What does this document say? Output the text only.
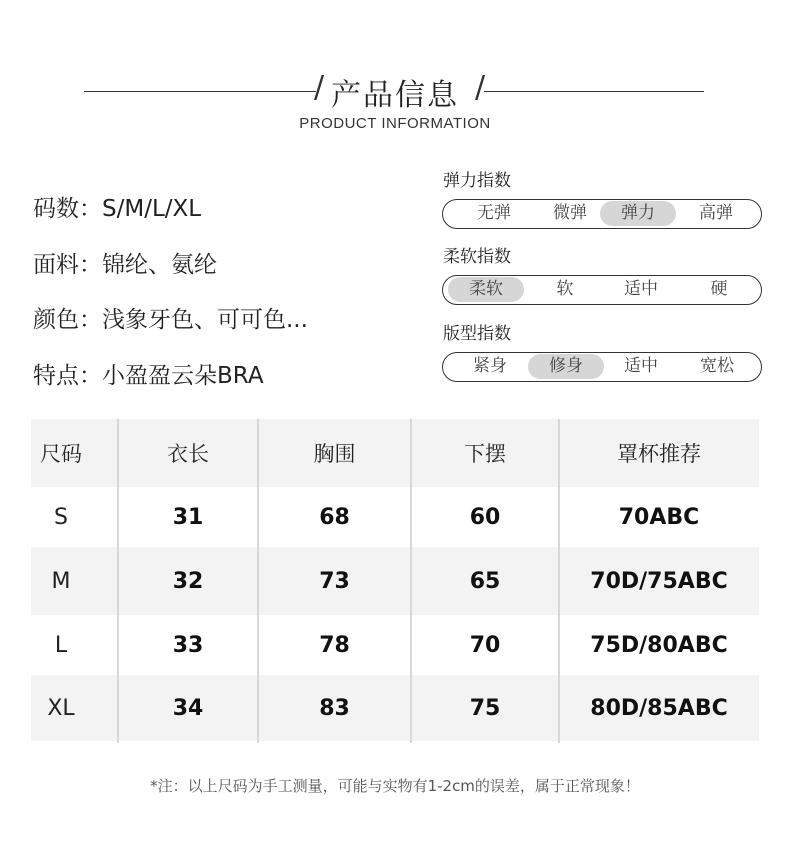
/	/
产品信息
PRODUCT INFORMATION
码数：S/M/L/XL
面料：锦纶、氨纶
颜色：浅象牙色、可可色...
特点：小盈盈云朵BRA
弹力指数
无弹	微弹	弹力	高弹
柔软指数
柔软	软	适中	硬
版型指数
紧身	修身	适中	宽松
尺码	衣长	胸围	下摆	罩杯推荐
S	31	68	60	70ABC
M	32	73	65	70D/75ABC
L	33	78	70	75D/80ABC
XL	34	83	75	80D/85ABC
*注：以上尺码为手工测量，可能与实物有1-2cm的误差，属于正常现象！
